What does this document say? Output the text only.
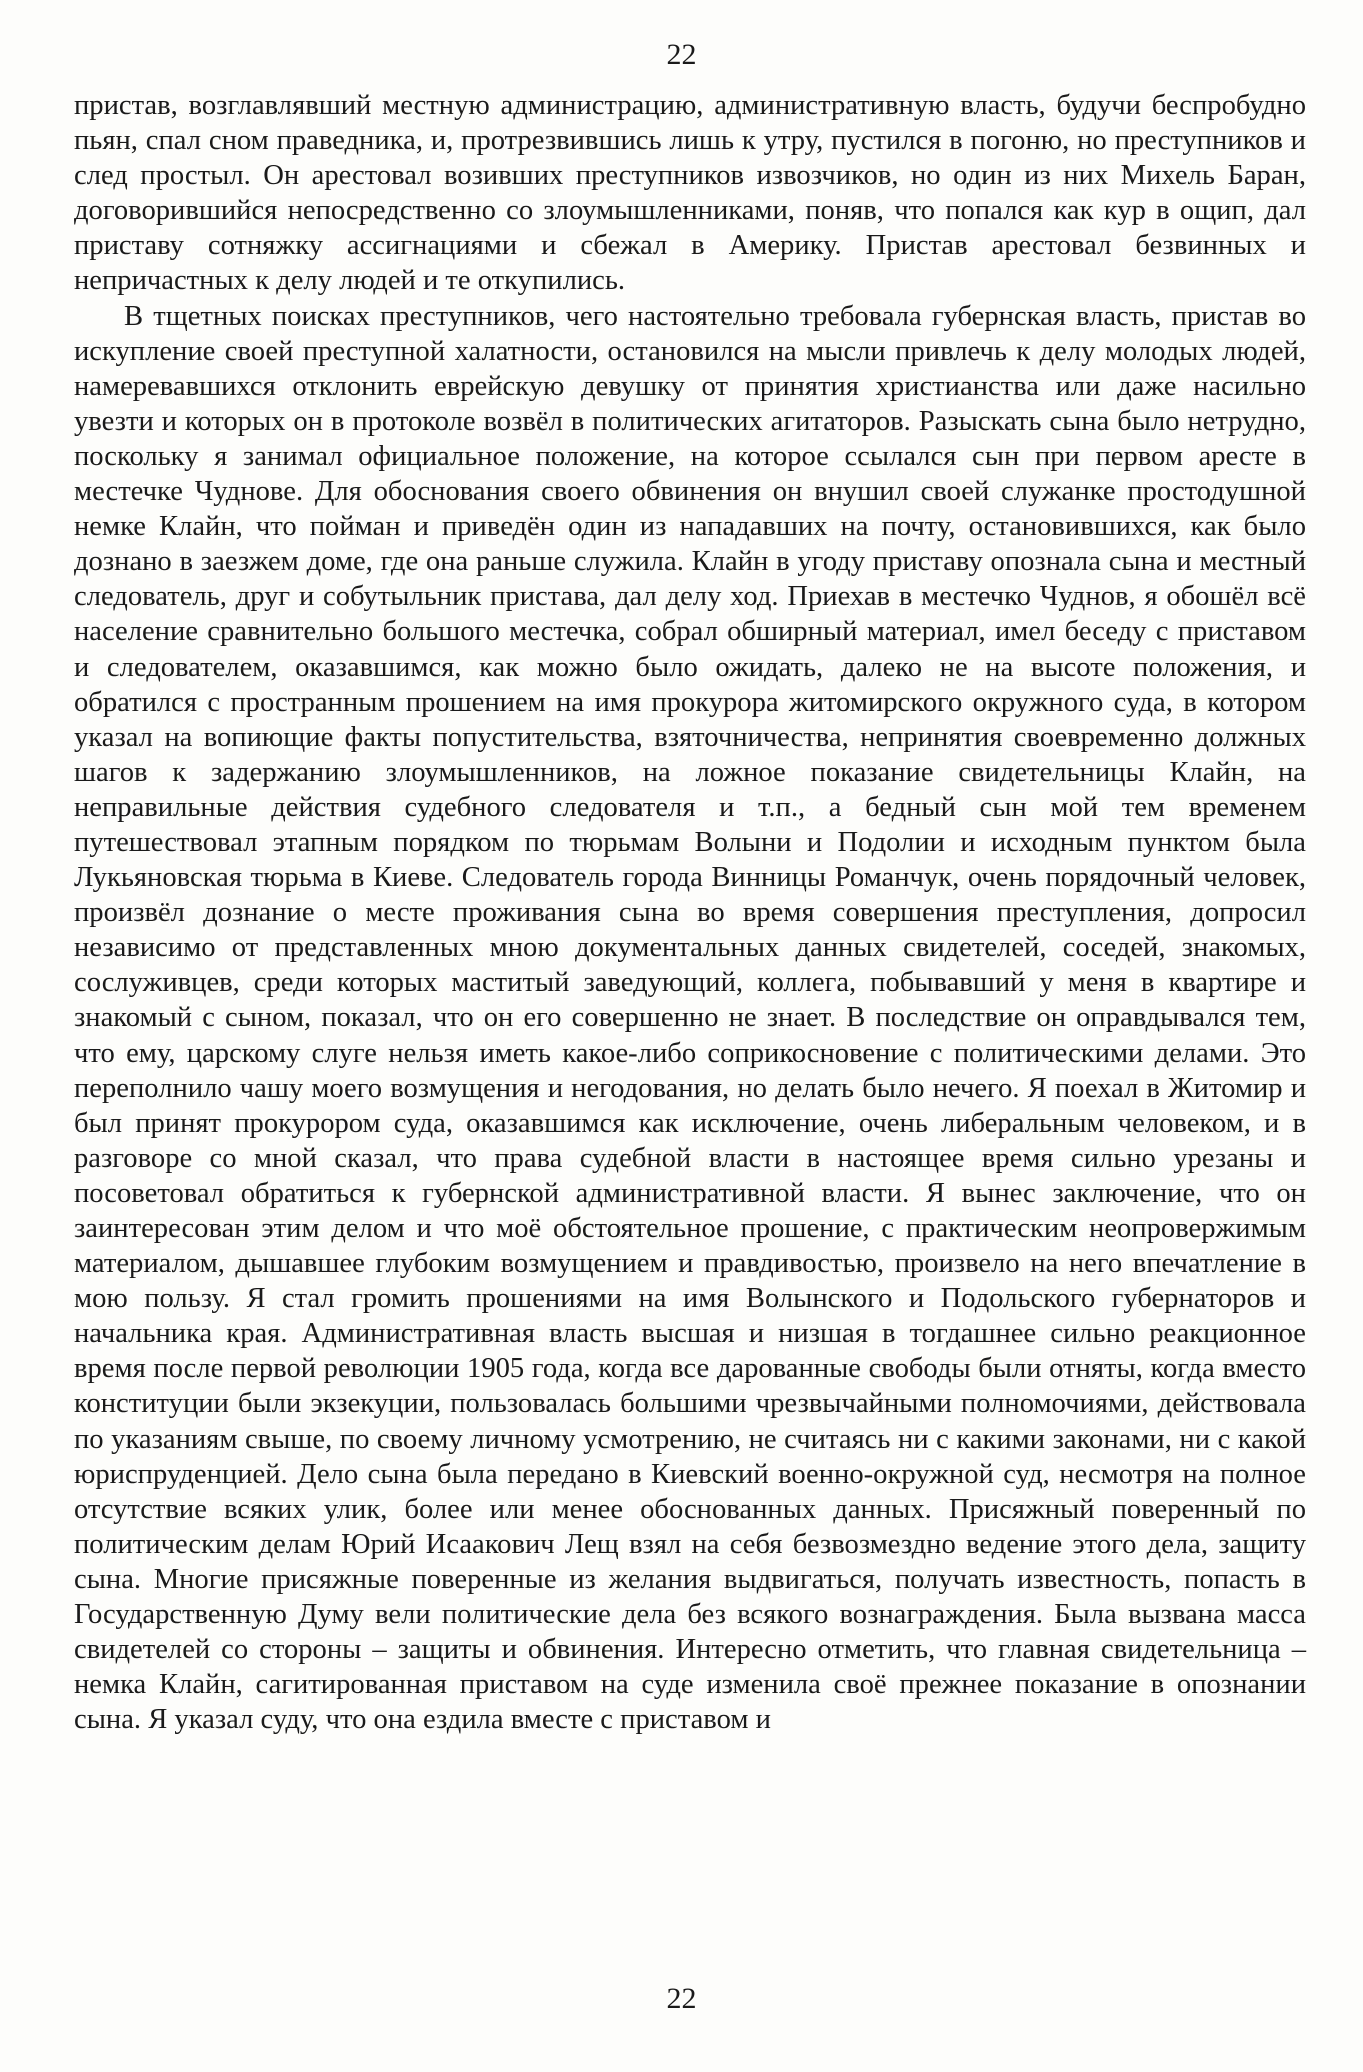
22

пристав, возглавлявший местную администрацию, административную власть, будучи беспробудно пьян, спал сном праведника, и, протрезвившись лишь к утру, пустился в погоню, но преступников и след простыл. Он арестовал возивших преступников извозчиков, но один из них Михель Баран, договорившийся непосредственно со злоумышленниками, поняв, что попался как кур в ощип, дал приставу сотняжку ассигнациями и сбежал в Америку. Пристав арестовал безвинных и непричастных к делу людей и те откупились.

В тщетных поисках преступников, чего настоятельно требовала губернская власть, пристав во искупление своей преступной халатности, остановился на мысли привлечь к делу молодых людей, намеревавшихся отклонить еврейскую девушку от принятия христианства или даже насильно увезти и которых он в протоколе возвёл в политических агитаторов. Разыскать сына было нетрудно, поскольку я занимал официальное положение, на которое ссылался сын при первом аресте в местечке Чуднове. Для обоснования своего обвинения он внушил своей служанке простодушной немке Клайн, что пойман и приведён один из нападавших на почту, остановившихся, как было дознано в заезжем доме, где она раньше служила. Клайн в угоду приставу опознала сына и местный следователь, друг и собутыльник пристава, дал делу ход. Приехав в местечко Чуднов, я обошёл всё население сравнительно большого местечка, собрал обширный материал, имел беседу с приставом и следователем, оказавшимся, как можно было ожидать, далеко не на высоте положения, и обратился с пространным прошением на имя прокурора житомирского окружного суда, в котором указал на вопиющие факты попустительства, взяточничества, непринятия своевременно должных шагов к задержанию злоумышленников, на ложное показание свидетельницы Клайн, на неправильные действия судебного следователя и т.п., а бедный сын мой тем временем путешествовал этапным порядком по тюрьмам Волыни и Подолии и исходным пунктом была Лукьяновская тюрьма в Киеве. Следователь города Винницы Романчук, очень порядочный человек, произвёл дознание о месте проживания сына во время совершения преступления, допросил независимо от представленных мною документальных данных свидетелей, соседей, знакомых, сослуживцев, среди которых маститый заведующий, коллега, побывавший у меня в квартире и знакомый с сыном, показал, что он его совершенно не знает. В последствие он оправдывался тем, что ему, царскому слуге нельзя иметь какое-либо соприкосновение с политическими делами. Это переполнило чашу моего возмущения и негодования, но делать было нечего. Я поехал в Житомир и был принят прокурором суда, оказавшимся как исключение, очень либеральным человеком, и в разговоре со мной сказал, что права судебной власти в настоящее время сильно урезаны и посоветовал обратиться к губернской административной власти. Я вынес заключение, что он заинтересован этим делом и что моё обстоятельное прошение, с практическим неопровержимым материалом, дышавшее глубоким возмущением и правдивостью, произвело на него впечатление в мою пользу. Я стал громить прошениями на имя Волынского и Подольского губернаторов и начальника края. Административная власть высшая и низшая в тогдашнее сильно реакционное время после первой революции 1905 года, когда все дарованные свободы были отняты, когда вместо конституции были экзекуции, пользовалась большими чрезвычайными полномочиями, действовала по указаниям свыше, по своему личному усмотрению, не считаясь ни с какими законами, ни с какой юриспруденцией. Дело сына была передано в Киевский военно-окружной суд, несмотря на полное отсутствие всяких улик, более или менее обоснованных данных. Присяжный поверенный по политическим делам Юрий Исаакович Лещ взял на себя безвозмездно ведение этого дела, защиту сына. Многие присяжные поверенные из желания выдвигаться, получать известность, попасть в Государственную Думу вели политические дела без всякого вознаграждения. Была вызвана масса свидетелей со стороны – защиты и обвинения. Интересно отметить, что главная свидетельница – немка Клайн, сагитированная приставом на суде изменила своё прежнее показание в опознании сына. Я указал суду, что она ездила вместе с приставом и

22
